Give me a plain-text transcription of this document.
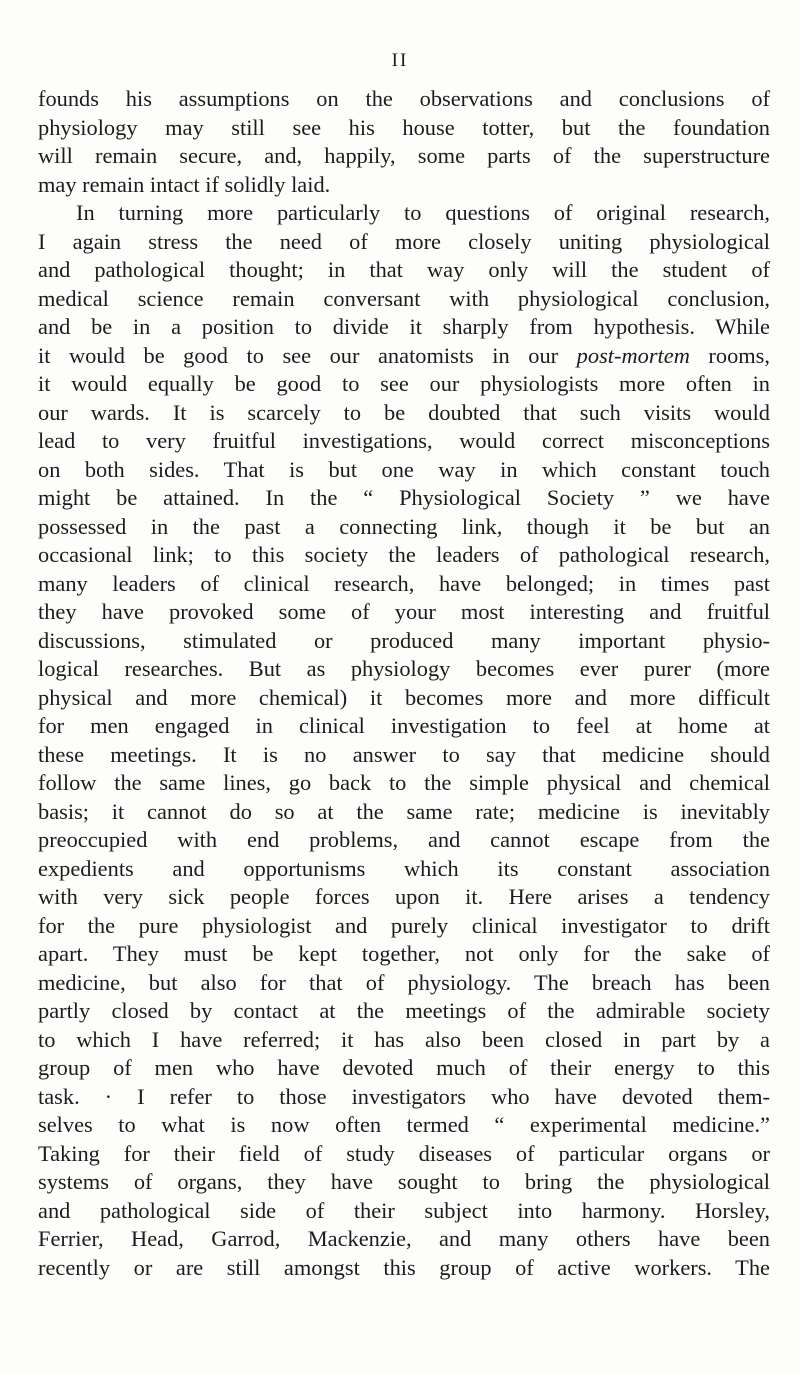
II
founds his assumptions on the observations and conclusions of
physiology may still see his house totter, but the foundation
will remain secure, and, happily, some parts of the superstructure
may remain intact if solidly laid.
In turning more particularly to questions of original research,
I again stress the need of more closely uniting physiological
and pathological thought; in that way only will the student of
medical science remain conversant with physiological conclusion,
and be in a position to divide it sharply from hypothesis. While
it would be good to see our anatomists in our post-mortem rooms,
it would equally be good to see our physiologists more often in
our wards. It is scarcely to be doubted that such visits would
lead to very fruitful investigations, would correct misconceptions
on both sides. That is but one way in which constant touch
might be attained. In the “ Physiological Society ” we have
possessed in the past a connecting link, though it be but an
occasional link; to this society the leaders of pathological research,
many leaders of clinical research, have belonged; in times past
they have provoked some of your most interesting and fruitful
discussions, stimulated or produced many important physio-
logical researches. But as physiology becomes ever purer (more
physical and more chemical) it becomes more and more difficult
for men engaged in clinical investigation to feel at home at
these meetings. It is no answer to say that medicine should
follow the same lines, go back to the simple physical and chemical
basis; it cannot do so at the same rate; medicine is inevitably
preoccupied with end problems, and cannot escape from the
expedients and opportunisms which its constant association
with very sick people forces upon it. Here arises a tendency
for the pure physiologist and purely clinical investigator to drift
apart. They must be kept together, not only for the sake of
medicine, but also for that of physiology. The breach has been
partly closed by contact at the meetings of the admirable society
to which I have referred; it has also been closed in part by a
group of men who have devoted much of their energy to this
task. · I refer to those investigators who have devoted them-
selves to what is now often termed “ experimental medicine.”
Taking for their field of study diseases of particular organs or
systems of organs, they have sought to bring the physiological
and pathological side of their subject into harmony. Horsley,
Ferrier, Head, Garrod, Mackenzie, and many others have been
recently or are still amongst this group of active workers. The
